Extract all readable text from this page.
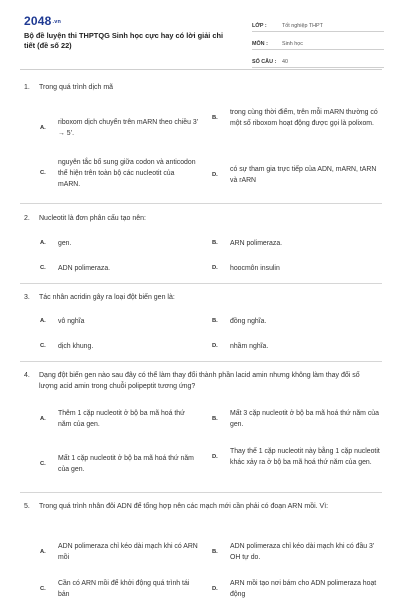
2048.vn
Bộ đề luyện thi THPTQG Sinh học cực hay có lời giải chi tiết (đề số 22)
LỚP :	Tốt nghiệp THPT
MÔN :	Sinh học
SỐ CÂU :	40
1. Trong quá trình dịch mã
A.
riboxom dịch chuyển trên mARN theo chiều 3’ → 5’.
B.
trong cùng thời điểm, trên mỗi mARN thường có một số riboxom hoạt động được gọi là polixom.
C.
nguyên tắc bổ sung giữa codon và anticodon thể hiện trên toàn bộ các nucleotit của mARN.
D.
có sự tham gia trực tiếp của ADN, mARN, tARN và rARN
2. Nucleotit là đơn phân cấu tạo nên:
A.	gen.	B.	ARN polimeraza.
C.	ADN polimeraza.	D.	hoocmôn insulin
3. Tác nhân acridin gây ra loại đột biến gen là:
A.	vô nghĩa	B.	đồng nghĩa.
C.	dịch khung.	D.	nhầm nghĩa.
4.	Dạng đột biến gen nào sau đây có thể làm thay đổi thành phần lacid amin nhưng không làm thay đổi số lượng acid amin trong chuỗi polipeptit tương ứng?
A.
Thêm 1 cặp nucleotit ở bộ ba mã hoá thứ năm của gen.
B.
Mất 3 cặp nucleotit ở bộ ba mã hoá thứ năm của gen.
C.
Mất 1 cặp nucleotit ở bộ ba mã hoá thứ năm của gen.
D.
Thay thế 1 cặp nucleotit này bằng 1 cặp nucleotit khác xảy ra ở bộ ba mã hoá thứ năm của gen.
5.	Trong quá trình nhân đôi ADN để tổng hợp nên các mạch mới cần phải có đoạn ARN mồi. Vì:
A.
ADN polimeraza chỉ kéo dài mạch khi có ARN mồi
B.
ADN polimeraza chỉ kéo dài mạch khi có đầu 3’ OH tự do.
C.
Cần có ARN mồi để khởi động quá trình tái bản
D.
ARN mồi tạo nơi bám cho ADN polimeraza hoạt động
